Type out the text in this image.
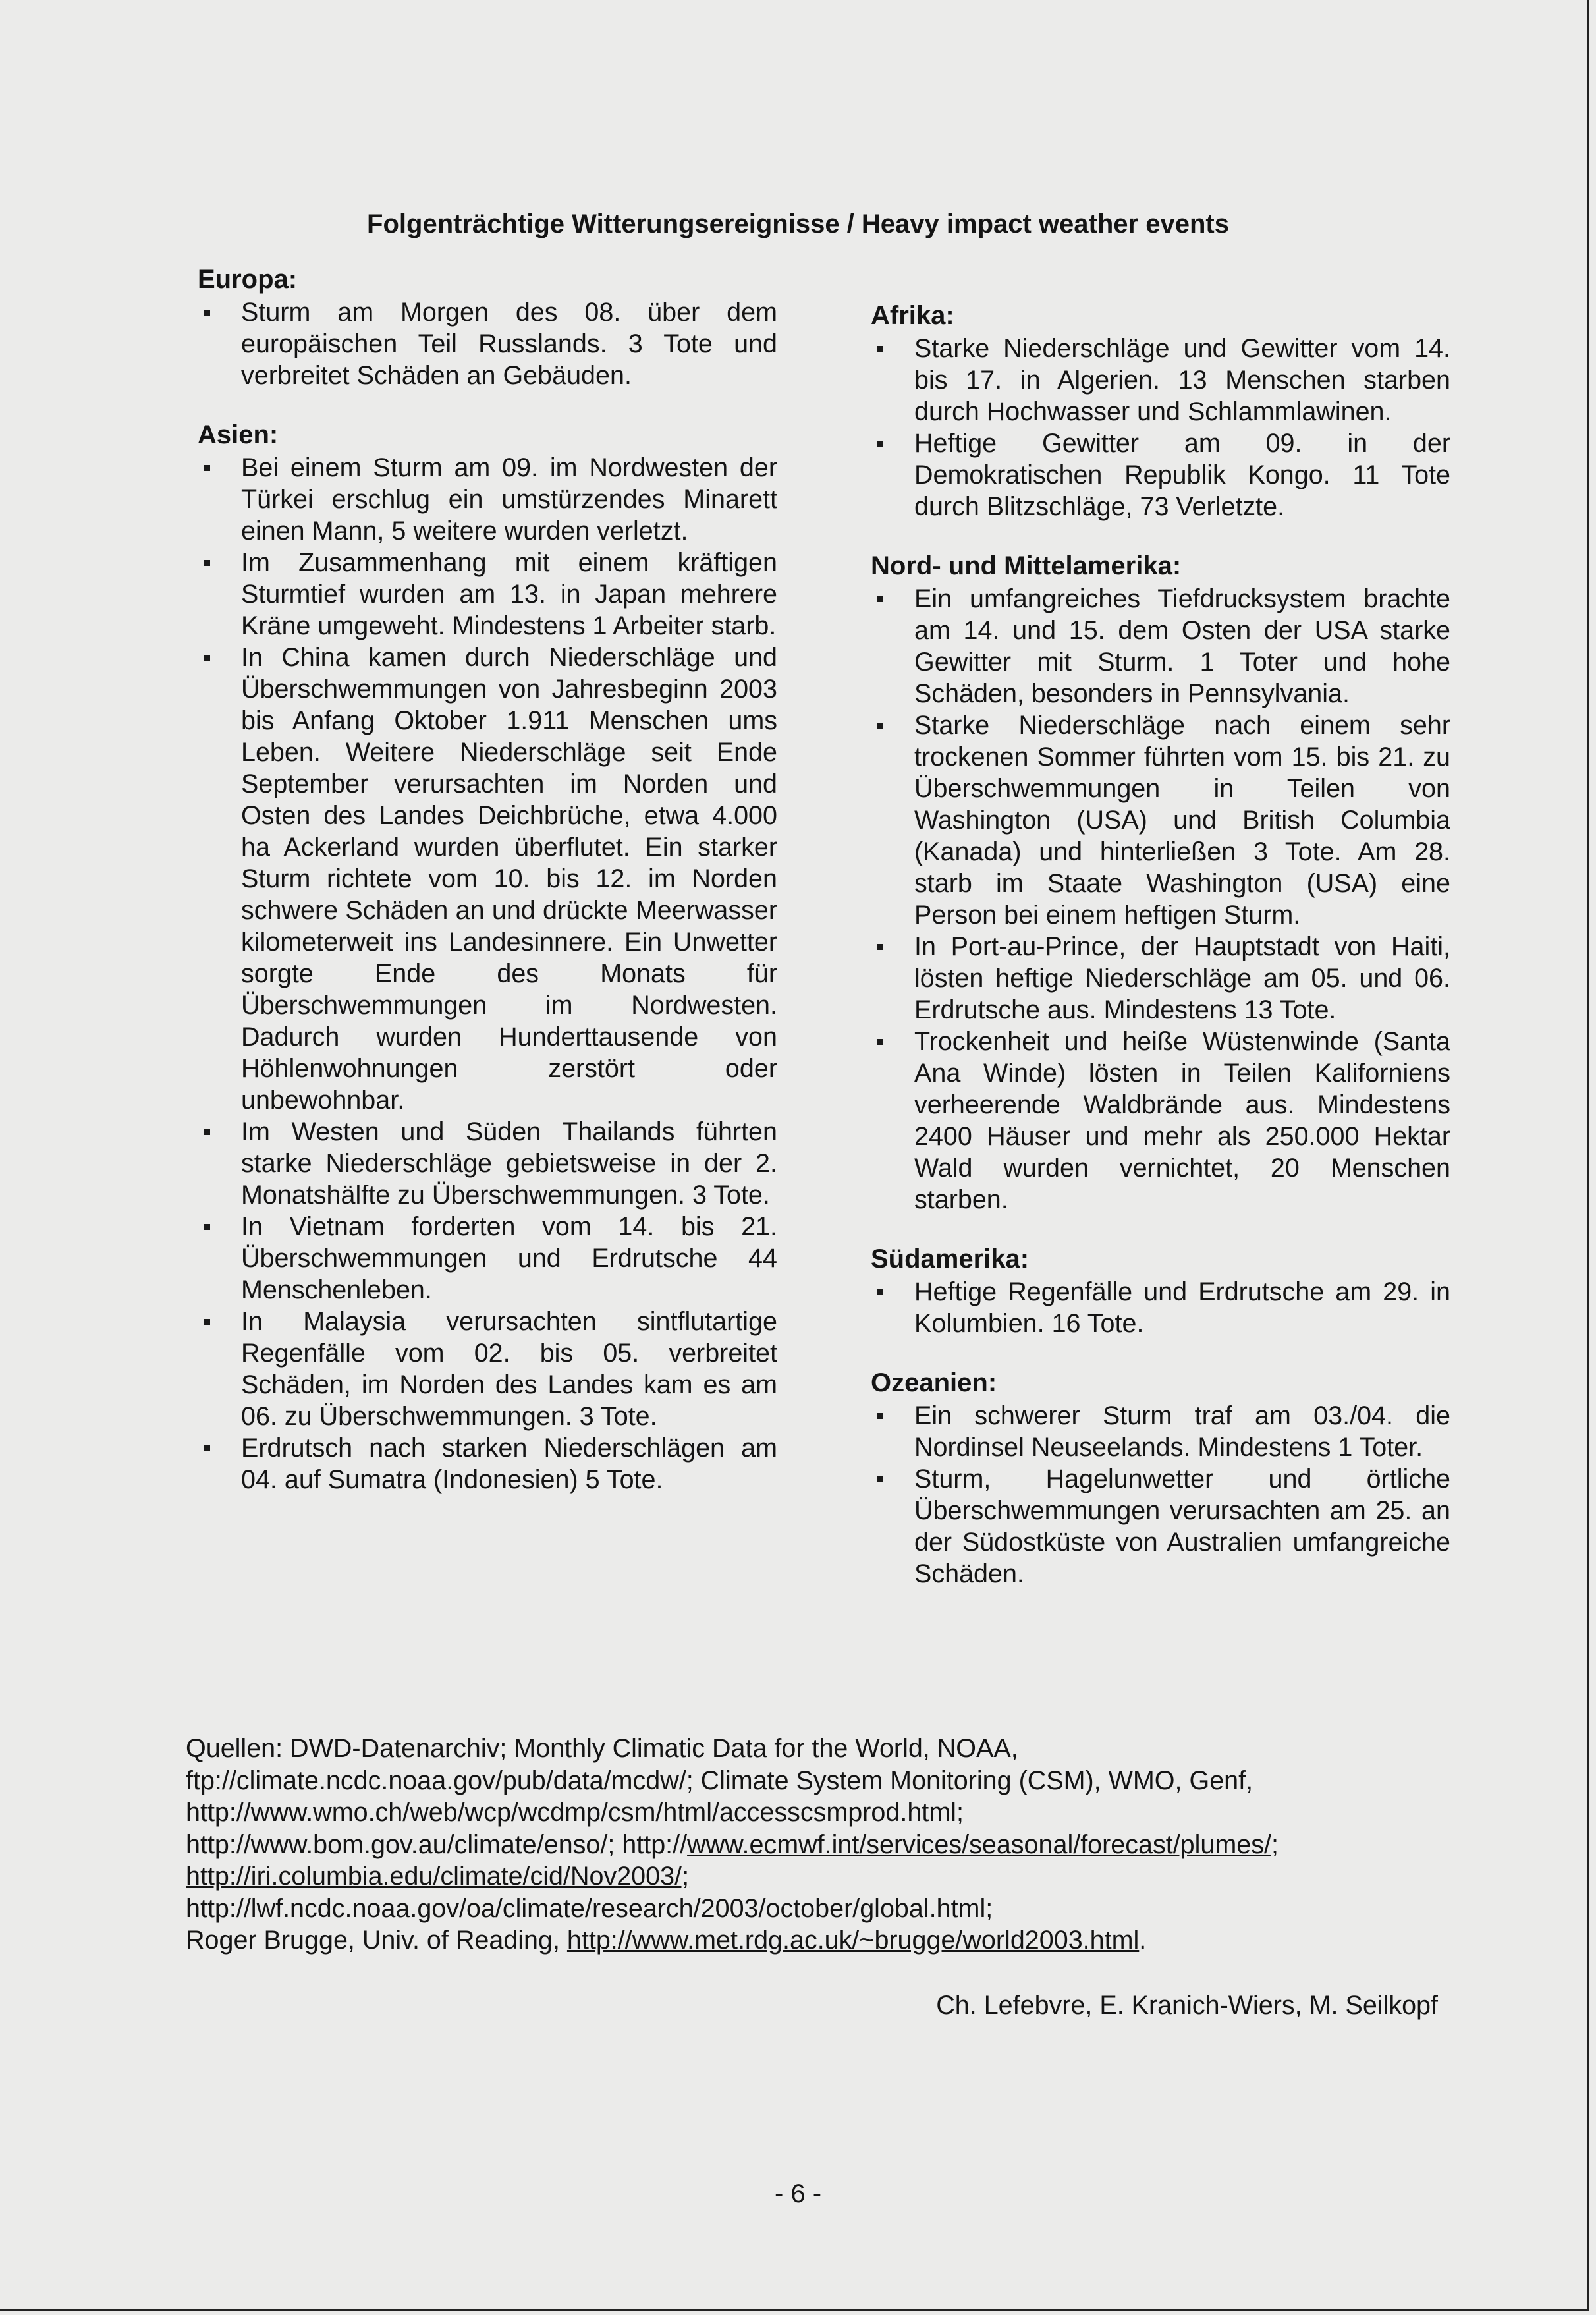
Folgenträchtige Witterungsereignisse / Heavy impact weather events
Europa:
Sturm am Morgen des 08. über dem europäischen Teil Russlands. 3 Tote und verbreitet Schäden an Gebäuden.
Asien:
Bei einem Sturm am 09. im Nordwesten der Türkei erschlug ein umstürzendes Minarett einen Mann, 5 weitere wurden verletzt.
Im Zusammenhang mit einem kräftigen Sturmtief wurden am 13. in Japan mehrere Kräne umgeweht. Mindestens 1 Arbeiter starb.
In China kamen durch Niederschläge und Überschwemmungen von Jahresbeginn 2003 bis Anfang Oktober 1.911 Menschen ums Leben. Weitere Niederschläge seit Ende September verursachten im Norden und Osten des Landes Deichbrüche, etwa 4.000 ha Ackerland wurden überflutet. Ein starker Sturm richtete vom 10. bis 12. im Norden schwere Schäden an und drückte Meerwasser kilometerweit ins Landesinnere. Ein Unwetter sorgte Ende des Monats für Überschwemmungen im Nordwesten. Dadurch wurden Hunderttausende von Höhlenwohnungen zerstört oder unbewohnbar.
Im Westen und Süden Thailands führten starke Niederschläge gebietsweise in der 2. Monatshälfte zu Überschwemmungen. 3 Tote.
In Vietnam forderten vom 14. bis 21. Überschwemmungen und Erdrutsche 44 Menschenleben.
In Malaysia verursachten sintflutartige Regenfälle vom 02. bis 05. verbreitet Schäden, im Norden des Landes kam es am 06. zu Überschwemmungen. 3 Tote.
Erdrutsch nach starken Niederschlägen am 04. auf Sumatra (Indonesien) 5 Tote.
Afrika:
Starke Niederschläge und Gewitter vom 14. bis 17. in Algerien. 13 Menschen starben durch Hochwasser und Schlammlawinen.
Heftige Gewitter am 09. in der Demokratischen Republik Kongo. 11 Tote durch Blitzschläge, 73 Verletzte.
Nord- und Mittelamerika:
Ein umfangreiches Tiefdrucksystem brachte am 14. und 15. dem Osten der USA starke Gewitter mit Sturm. 1 Toter und hohe Schäden, besonders in Pennsylvania.
Starke Niederschläge nach einem sehr trockenen Sommer führten vom 15. bis 21. zu Überschwemmungen in Teilen von Washington (USA) und British Columbia (Kanada) und hinterließen 3 Tote. Am 28. starb im Staate Washington (USA) eine Person bei einem heftigen Sturm.
In Port-au-Prince, der Hauptstadt von Haiti, lösten heftige Niederschläge am 05. und 06. Erdrutsche aus. Mindestens 13 Tote.
Trockenheit und heiße Wüstenwinde (Santa Ana Winde) lösten in Teilen Kaliforniens verheerende Waldbrände aus. Mindestens 2400 Häuser und mehr als 250.000 Hektar Wald wurden vernichtet, 20 Menschen starben.
Südamerika:
Heftige Regenfälle und Erdrutsche am 29. in Kolumbien. 16 Tote.
Ozeanien:
Ein schwerer Sturm traf am 03./04. die Nordinsel Neuseelands. Mindestens 1 Toter.
Sturm, Hagelunwetter und örtliche Überschwemmungen verursachten am 25. an der Südostküste von Australien umfangreiche Schäden.
Quellen: DWD-Datenarchiv; Monthly Climatic Data for the World, NOAA,
ftp://climate.ncdc.noaa.gov/pub/data/mcdw/; Climate System Monitoring (CSM), WMO, Genf,
http://www.wmo.ch/web/wcp/wcdmp/csm/html/accesscsmprod.html;
http://www.bom.gov.au/climate/enso/; http://www.ecmwf.int/services/seasonal/forecast/plumes/;
http://iri.columbia.edu/climate/cid/Nov2003/;
http://lwf.ncdc.noaa.gov/oa/climate/research/2003/october/global.html;
Roger Brugge, Univ. of Reading, http://www.met.rdg.ac.uk/~brugge/world2003.html.
Ch. Lefebvre, E. Kranich-Wiers, M. Seilkopf
- 6 -
